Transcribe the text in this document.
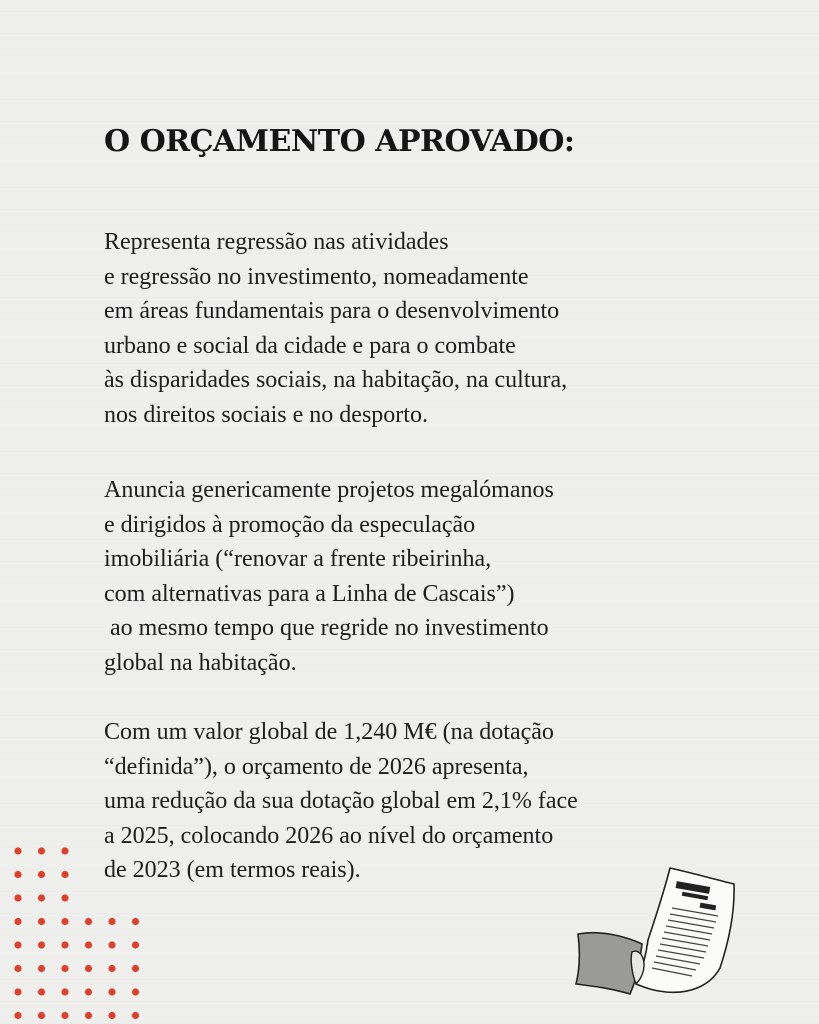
O ORÇAMENTO APROVADO:
Representa regressão nas atividades
e regressão no investimento, nomeadamente
em áreas fundamentais para o desenvolvimento
urbano e social da cidade e para o combate
às disparidades sociais, na habitação, na cultura,
nos direitos sociais e no desporto.
Anuncia genericamente projetos megalómanos
e dirigidos à promoção da especulação
imobiliária (“renovar a frente ribeirinha,
com alternativas para a Linha de Cascais”)
ao mesmo tempo que regride no investimento
global na habitação.
Com um valor global de 1,240 M€ (na dotação
“definida”), o orçamento de 2026 apresenta,
uma redução da sua dotação global em 2,1% face
a 2025, colocando 2026 ao nível do orçamento
de 2023 (em termos reais).
